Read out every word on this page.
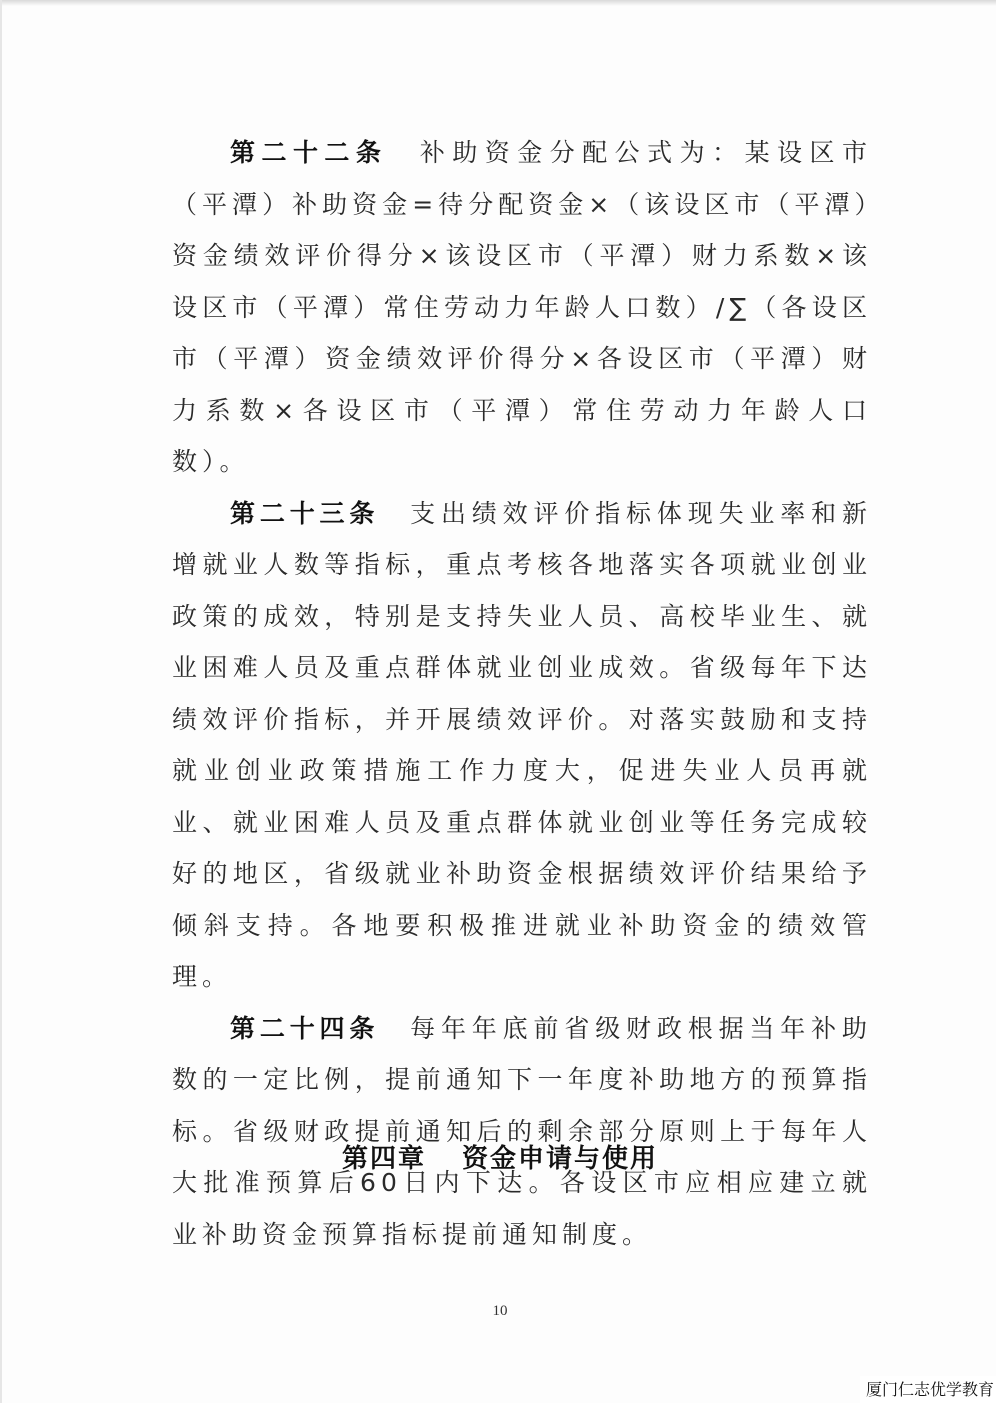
第二十二条 补助资金分配公式为：某设区市（平潭）补助资金=待分配资金×（该设区市（平潭）资金绩效评价得分×该设区市（平潭）财力系数×该设区市（平潭）常住劳动力年龄人口数）/∑（各设区市（平潭）资金绩效评价得分×各设区市（平潭）财力系数×各设区市（平潭）常住劳动力年龄人口数）。

第二十三条 支出绩效评价指标体现失业率和新增就业人数等指标，重点考核各地落实各项就业创业政策的成效，特别是支持失业人员、高校毕业生、就业困难人员及重点群体就业创业成效。省级每年下达绩效评价指标，并开展绩效评价。对落实鼓励和支持就业创业政策措施工作力度大，促进失业人员再就业、就业困难人员及重点群体就业创业等任务完成较好的地区，省级就业补助资金根据绩效评价结果给予倾斜支持。各地要积极推进就业补助资金的绩效管理。

第二十四条 每年年底前省级财政根据当年补助数的一定比例，提前通知下一年度补助地方的预算指标。省级财政提前通知后的剩余部分原则上于每年人大批准预算后60日内下达。各设区市应相应建立就业补助资金预算指标提前通知制度。

第四章 资金申请与使用
10
厦门仁志优学教育
